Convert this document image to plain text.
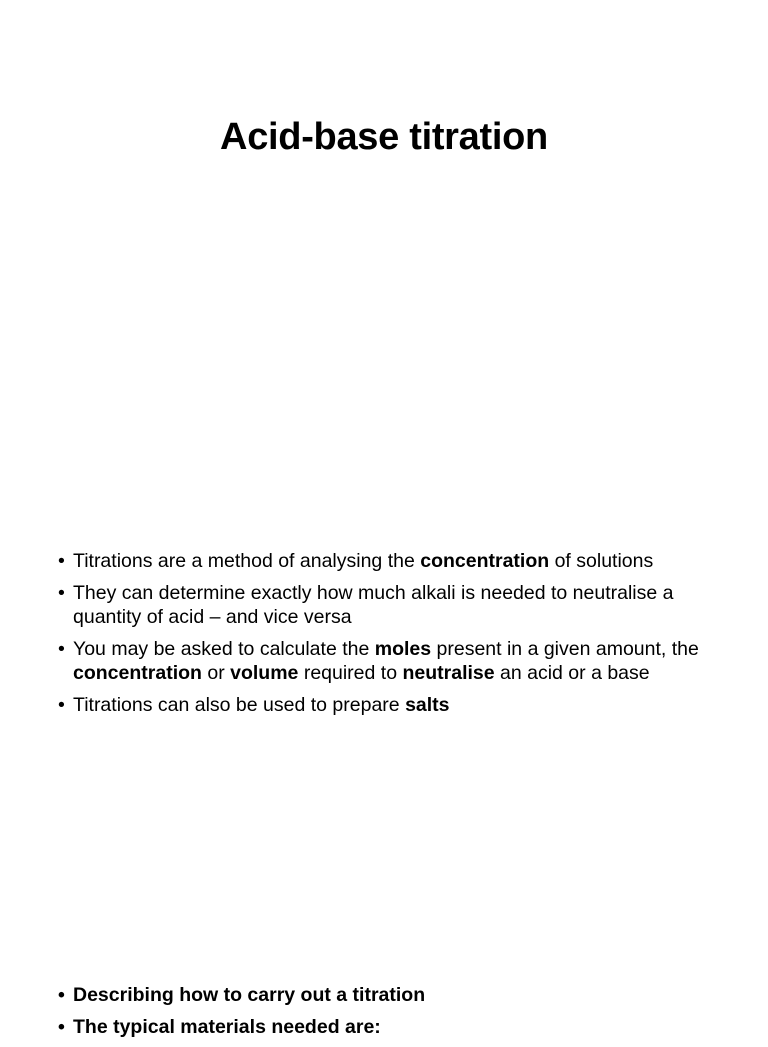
Acid-base titration
• Titrations are a method of analysing the concentration of solutions
• They can determine exactly how much alkali is needed to neutralise a quantity of acid – and vice versa
• You may be asked to calculate the moles present in a given amount, the concentration or volume required to neutralise an acid or a base
• Titrations can also be used to prepare salts
• Describing how to carry out a titration
• The typical materials needed are:
